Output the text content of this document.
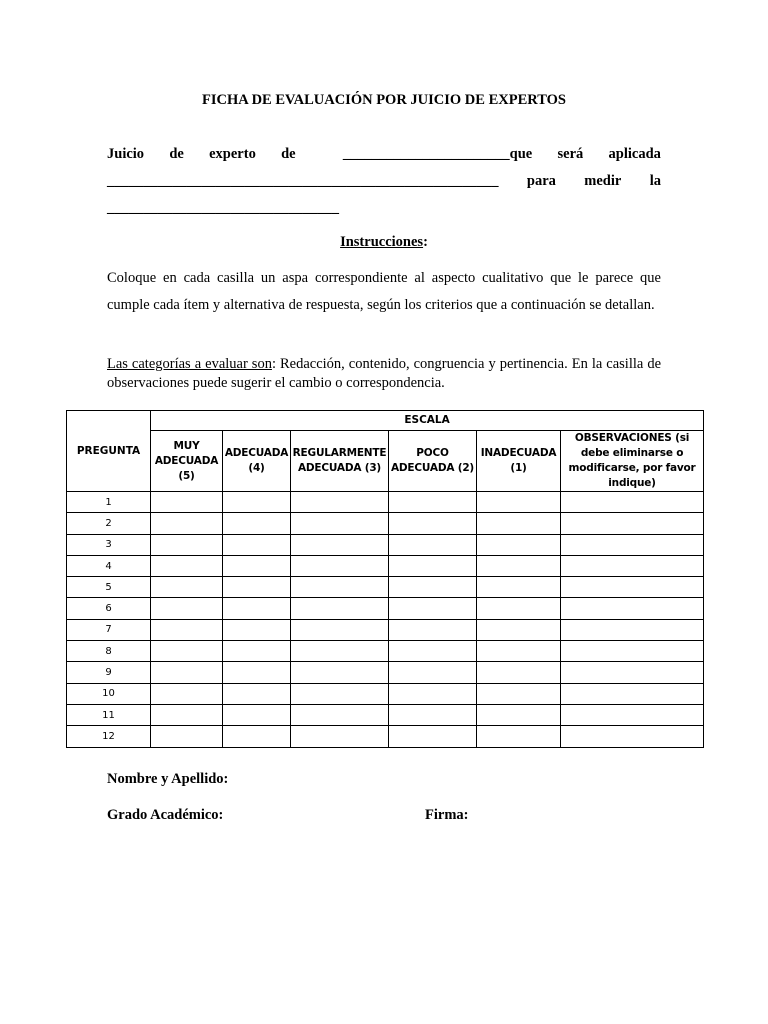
FICHA DE EVALUACIÓN POR JUICIO DE EXPERTOS
Juicio de experto de	_______________________que será aplicada
______________________________________________________ para medir la
________________________________
Instrucciones:
Coloque en cada casilla un aspa correspondiente al aspecto cualitativo que le parece que cumple cada ítem y alternativa de respuesta, según los criterios que a continuación se detallan.
Las categorías a evaluar son: Redacción, contenido, congruencia y pertinencia. En la casilla de observaciones puede sugerir el cambio o correspondencia.
PREGUNTA	ESCALA					
	MUY ADECUADA (5)	ADECUADA (4)	REGULARMENTE ADECUADA (3)	POCO ADECUADA (2)	INADECUADA (1)	OBSERVACIONES (si debe eliminarse o modificarse, por favor indique)
1						
2						
3						
4						
5						
6						
7						
8						
9						
10						
11						
12						
Nombre y Apellido:
Grado Académico:	Firma:
